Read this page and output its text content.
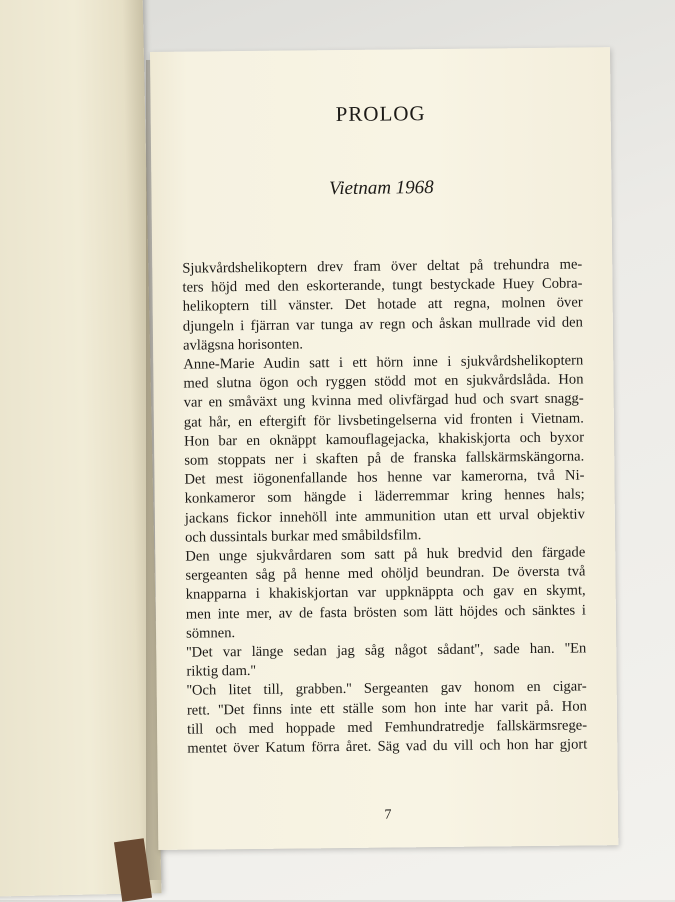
PROLOG
Vietnam 1968
Sjukvårdshelikoptern drev fram över deltat på trehundra me-
ters höjd med den eskorterande, tungt bestyckade Huey Cobra-
helikoptern till vänster. Det hotade att regna, molnen över
djungeln i fjärran var tunga av regn och åskan mullrade vid den
avlägsna horisonten.
Anne-Marie Audin satt i ett hörn inne i sjukvårdshelikoptern
med slutna ögon och ryggen stödd mot en sjukvårdslåda. Hon
var en småväxt ung kvinna med olivfärgad hud och svart snagg-
gat hår, en eftergift för livsbetingelserna vid fronten i Vietnam.
Hon bar en oknäppt kamouflagejacka, khakiskjorta och byxor
som stoppats ner i skaften på de franska fallskärmskängorna.
Det mest iögonenfallande hos henne var kamerorna, två Ni-
konkameror som hängde i läderremmar kring hennes hals;
jackans fickor innehöll inte ammunition utan ett urval objektiv
och dussintals burkar med småbildsfilm.
Den unge sjukvårdaren som satt på huk bredvid den färgade
sergeanten såg på henne med ohöljd beundran. De översta två
knapparna i khakiskjortan var uppknäppta och gav en skymt,
men inte mer, av de fasta brösten som lätt höjdes och sänktes i
sömnen.
''Det var länge sedan jag såg något sådant'', sade han. ''En
riktig dam.''
''Och litet till, grabben.'' Sergeanten gav honom en cigar-
rett. ''Det finns inte ett ställe som hon inte har varit på. Hon
till och med hoppade med Femhundratredje fallskärmsrege-
mentet över Katum förra året. Säg vad du vill och hon har gjort
7
